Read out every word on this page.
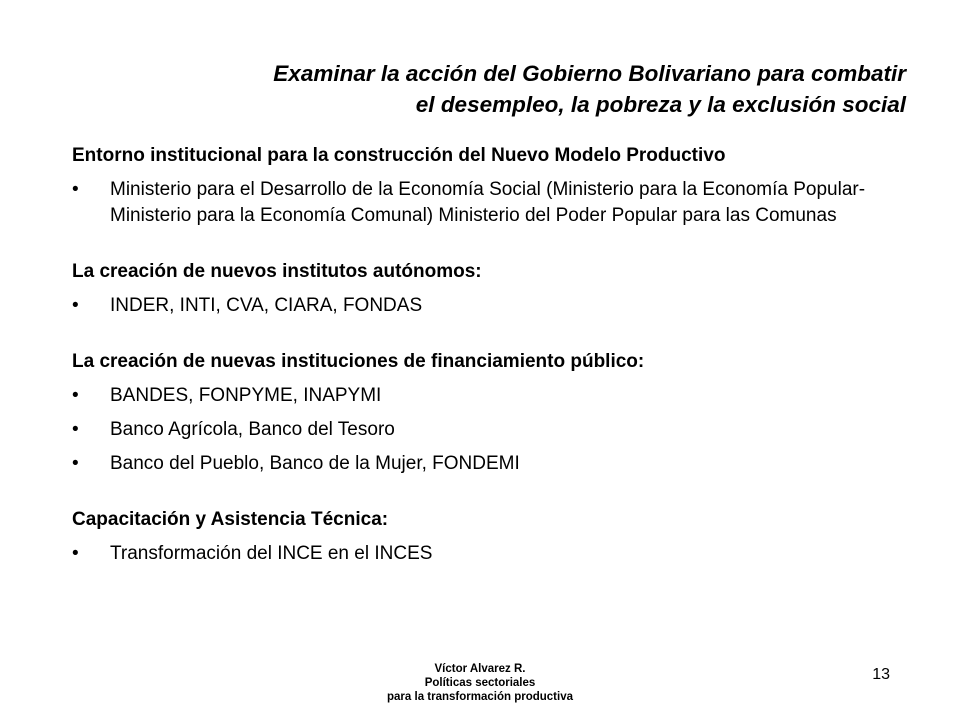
Examinar la acción del Gobierno Bolivariano para combatir
el desempleo, la pobreza y la exclusión social
Entorno institucional para la construcción del Nuevo Modelo Productivo
• Ministerio para el Desarrollo de la Economía Social (Ministerio para la Economía Popular-Ministerio para la Economía Comunal) Ministerio del Poder Popular para las Comunas
La creación de nuevos institutos autónomos:
• INDER, INTI, CVA, CIARA, FONDAS
La creación de nuevas instituciones de financiamiento público:
• BANDES, FONPYME, INAPYMI
• Banco Agrícola, Banco del Tesoro
• Banco del Pueblo, Banco de la Mujer, FONDEMI
Capacitación y Asistencia Técnica:
• Transformación del INCE en el INCES
Víctor Alvarez R.
Políticas sectoriales
para la transformación productiva
13
